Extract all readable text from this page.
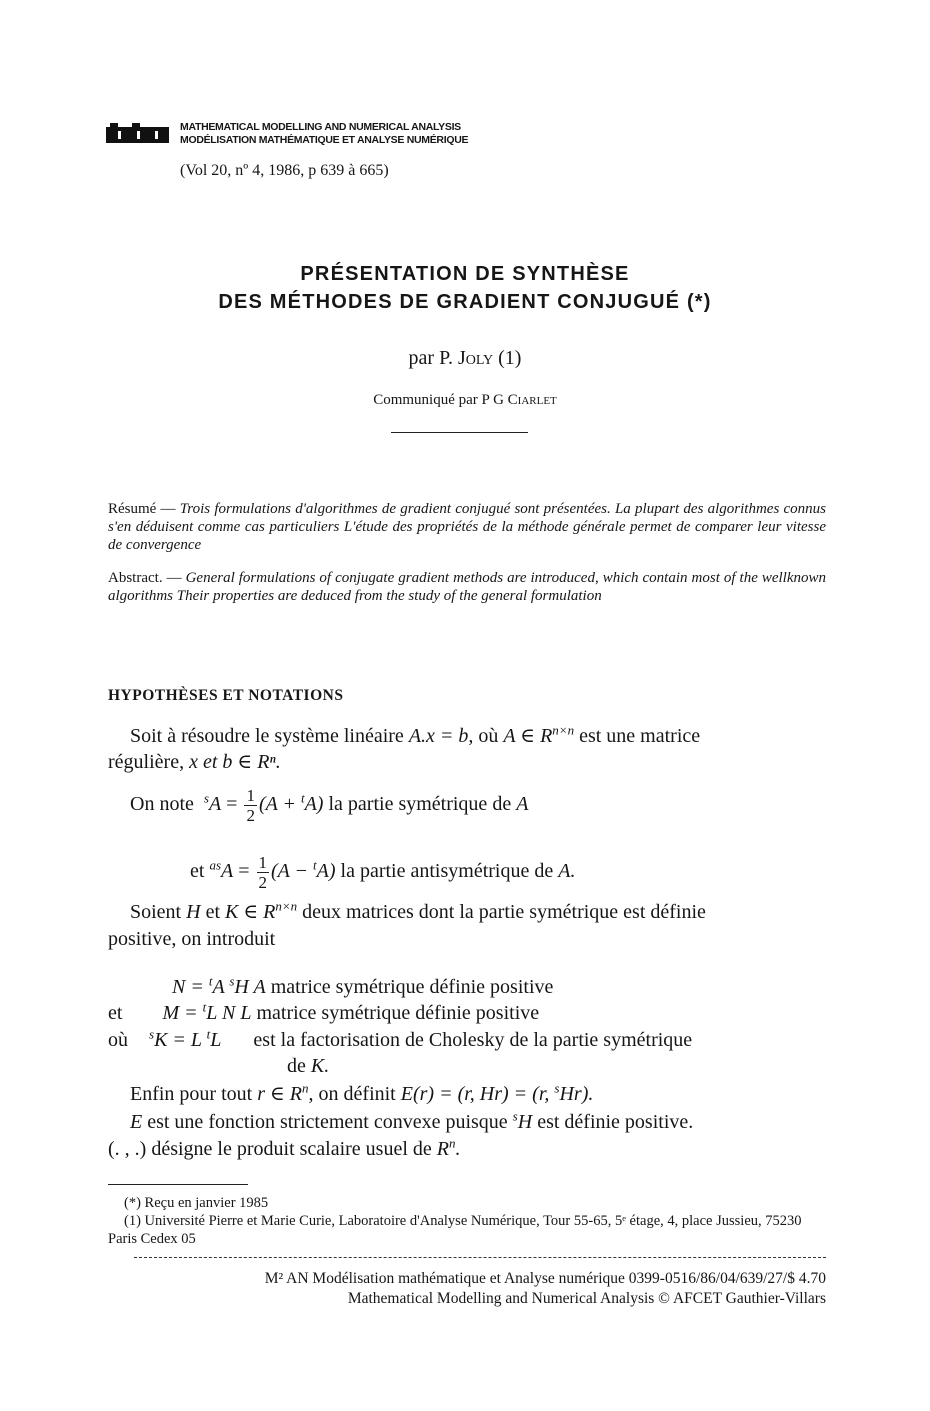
MATHEMATICAL MODELLING AND NUMERICAL ANALYSIS
MODÉLISATION MATHÉMATIQUE ET ANALYSE NUMÉRIQUE
(Vol 20, nº 4, 1986, p 639 à 665)
PRÉSENTATION DE SYNTHÈSE
DES MÉTHODES DE GRADIENT CONJUGUÉ (*)
par P. Joly (1)
Communiqué par P G Ciarlet
Résumé — Trois formulations d'algorithmes de gradient conjugué sont présentées. La plupart des algorithmes connus s'en déduisent comme cas particuliers L'étude des propriétés de la méthode générale permet de comparer leur vitesse de convergence
Abstract. — General formulations of conjugate gradient methods are introduced, which contain most of the wellknown algorithms Their properties are deduced from the study of the general formulation
HYPOTHÈSES ET NOTATIONS
Soit à résoudre le système linéaire A.x = b, où A ∈ $R^{n\times n}$ est une matrice
régulière, x et b ∈ Rⁿ.
On note $^sA = \frac{1}{2} (A + ^tA)$ la partie symétrique de A
et $^{as}A = \frac{1}{2} (A - ^tA)$ la partie antisymétrique de A.
Soient H et K ∈ $R^{n\times n}$ deux matrices dont la partie symétrique est définie
positive, on introduit
N = $^t$A $^s$H A matrice symétrique définie positive
et M = $^t$L N L matrice symétrique définie positive
où $^s$K = L $^t$L est la factorisation de Cholesky de la partie symétrique
de K.
Enfin pour tout r ∈ $R^n$, on définit E(r) = (r, Hr) = (r, $^s$Hr).
E est une fonction strictement convexe puisque $^s$H est définie positive.
(. , .) désigne le produit scalaire usuel de $R^n$.
(*) Reçu en janvier 1985
(1) Université Pierre et Marie Curie, Laboratoire d'Analyse Numérique, Tour 55-65, 5ᵉ étage, 4, place Jussieu, 75230 Paris Cedex 05
M² AN Modélisation mathématique et Analyse numérique 0399-0516/86/04/639/27/$ 4.70
Mathematical Modelling and Numerical Analysis © AFCET Gauthier-Villars
